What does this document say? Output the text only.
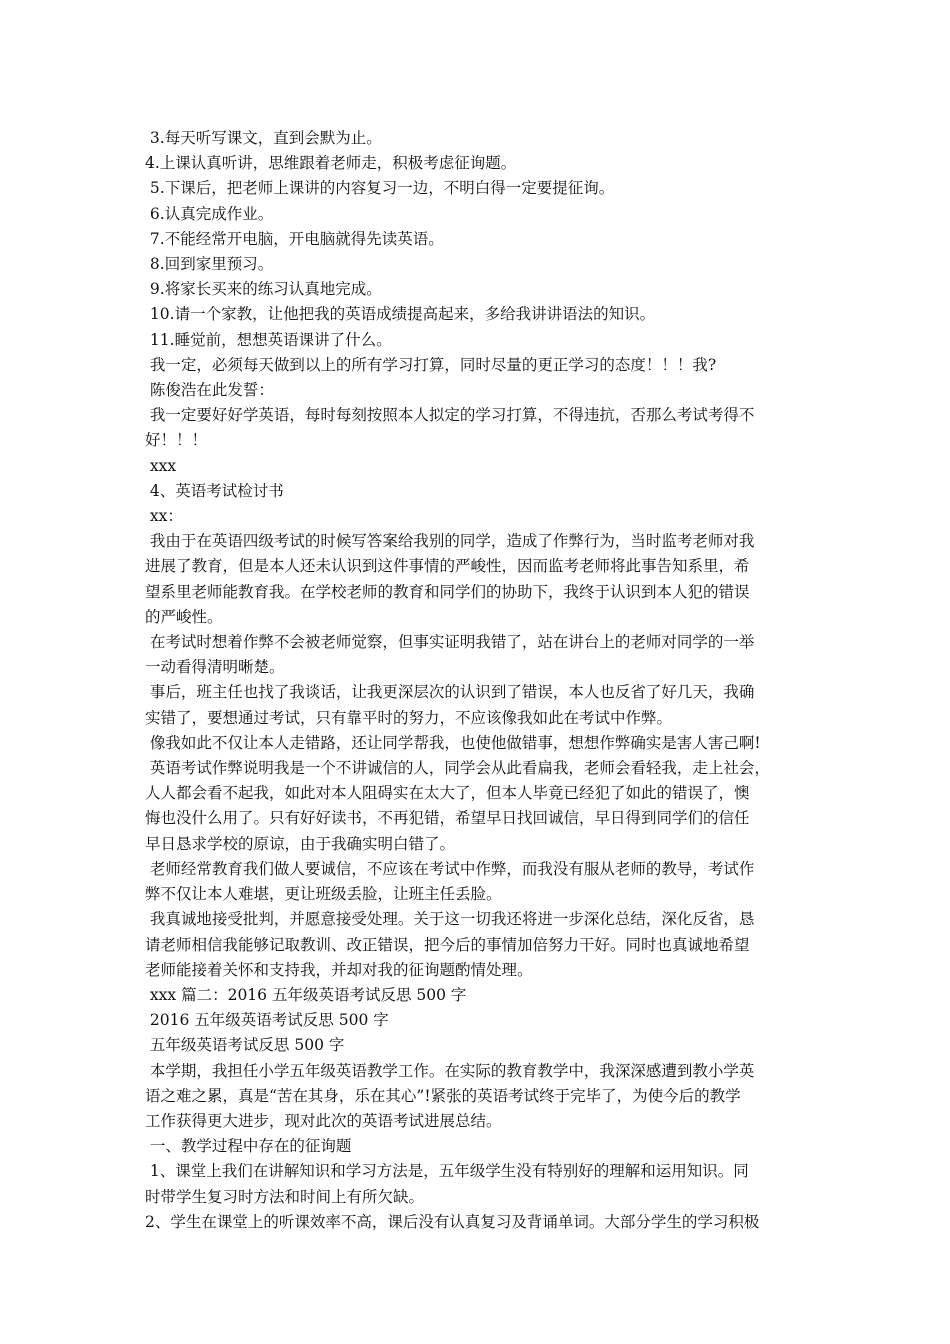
3.每天听写课文，直到会默为止。
4.上课认真听讲，思维跟着老师走，积极考虑征询题。
5.下课后，把老师上课讲的内容复习一边，不明白得一定要提征询。
6.认真完成作业。
7.不能经常开电脑，开电脑就得先读英语。
8.回到家里预习。
9.将家长买来的练习认真地完成。
10.请一个家教，让他把我的英语成绩提高起来，多给我讲讲语法的知识。
11.睡觉前，想想英语课讲了什么。
我一定，必须每天做到以上的所有学习打算，同时尽量的更正学习的态度！！！我?
陈俊浩在此发誓：
我一定要好好学英语，每时每刻按照本人拟定的学习打算，不得违抗，否那么考试考得不
好！！！
xxx
4、英语考试检讨书
xx：
我由于在英语四级考试的时候写答案给我别的同学，造成了作弊行为，当时监考老师对我
进展了教育，但是本人还未认识到这件事情的严峻性，因而监考老师将此事告知系里，希
望系里老师能教育我。在学校老师的教育和同学们的协助下，我终于认识到本人犯的错误
的严峻性。
在考试时想着作弊不会被老师觉察，但事实证明我错了，站在讲台上的老师对同学的一举
一动看得清明晰楚。
事后，班主任也找了我谈话，让我更深层次的认识到了错误，本人也反省了好几天，我确
实错了，要想通过考试，只有靠平时的努力，不应该像我如此在考试中作弊。
像我如此不仅让本人走错路，还让同学帮我，也使他做错事，想想作弊确实是害人害己啊!
英语考试作弊说明我是一个不讲诚信的人，同学会从此看扁我，老师会看轻我，走上社会，
人人都会看不起我，如此对本人阻碍实在太大了，但本人毕竟已经犯了如此的错误了，懊
悔也没什么用了。只有好好读书，不再犯错，希望早日找回诚信，早日得到同学们的信任
早日恳求学校的原谅，由于我确实明白错了。
老师经常教育我们做人要诚信，不应该在考试中作弊，而我没有服从老师的教导，考试作
弊不仅让本人难堪，更让班级丢脸，让班主任丢脸。
我真诚地接受批判，并愿意接受处理。关于这一切我还将进一步深化总结，深化反省，恳
请老师相信我能够记取教训、改正错误，把今后的事情加倍努力干好。同时也真诚地希望
老师能接着关怀和支持我，并却对我的征询题酌情处理。
xxx 篇二：2016 五年级英语考试反思 500 字
2016 五年级英语考试反思 500 字
五年级英语考试反思 500 字
本学期，我担任小学五年级英语教学工作。在实际的教育教学中，我深深感遭到教小学英
语之难之累，真是“苦在其身，乐在其心”!紧张的英语考试终于完毕了，为使今后的教学
工作获得更大进步，现对此次的英语考试进展总结。
一、教学过程中存在的征询题
1、课堂上我们在讲解知识和学习方法是，五年级学生没有特别好的理解和运用知识。同
时带学生复习时方法和时间上有所欠缺。
2、学生在课堂上的听课效率不高，课后没有认真复习及背诵单词。大部分学生的学习积极
